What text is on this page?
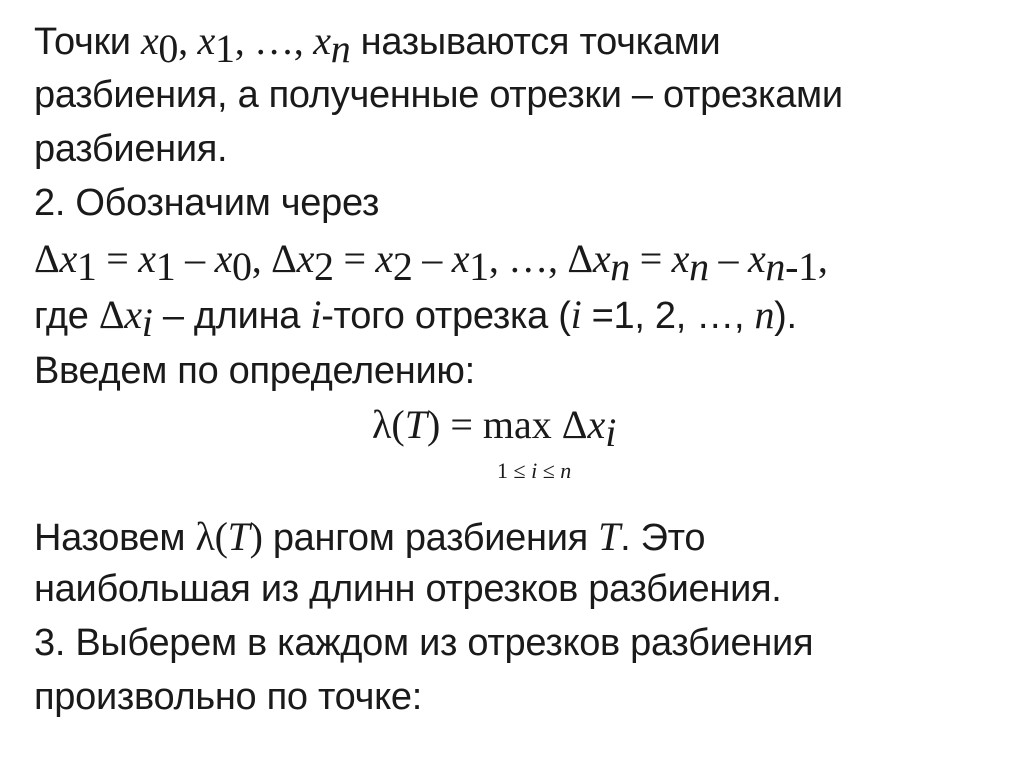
Точки $x_0$, $x_1$, …, $x_n$ называются точками
разбиения, а полученные отрезки – отрезками
разбиения.
2. Обозначим через
$\Delta x_1 = x_1 - x_0$, $\Delta x_2 = x_2 - x_1$, …, $\Delta x_n = x_n - x_{n-1}$,
где $\Delta x_i$ – длина i-того отрезка (i =1, 2, …, n).
Введем по определению:
$\lambda(T) = \max \Delta x_i$
1 ≤ i ≤ n
Назовем λ(T) рангом разбиения T. Это
наибольшая из длинн отрезков разбиения.
3. Выберем в каждом из отрезков разбиения
произвольно по точке:
